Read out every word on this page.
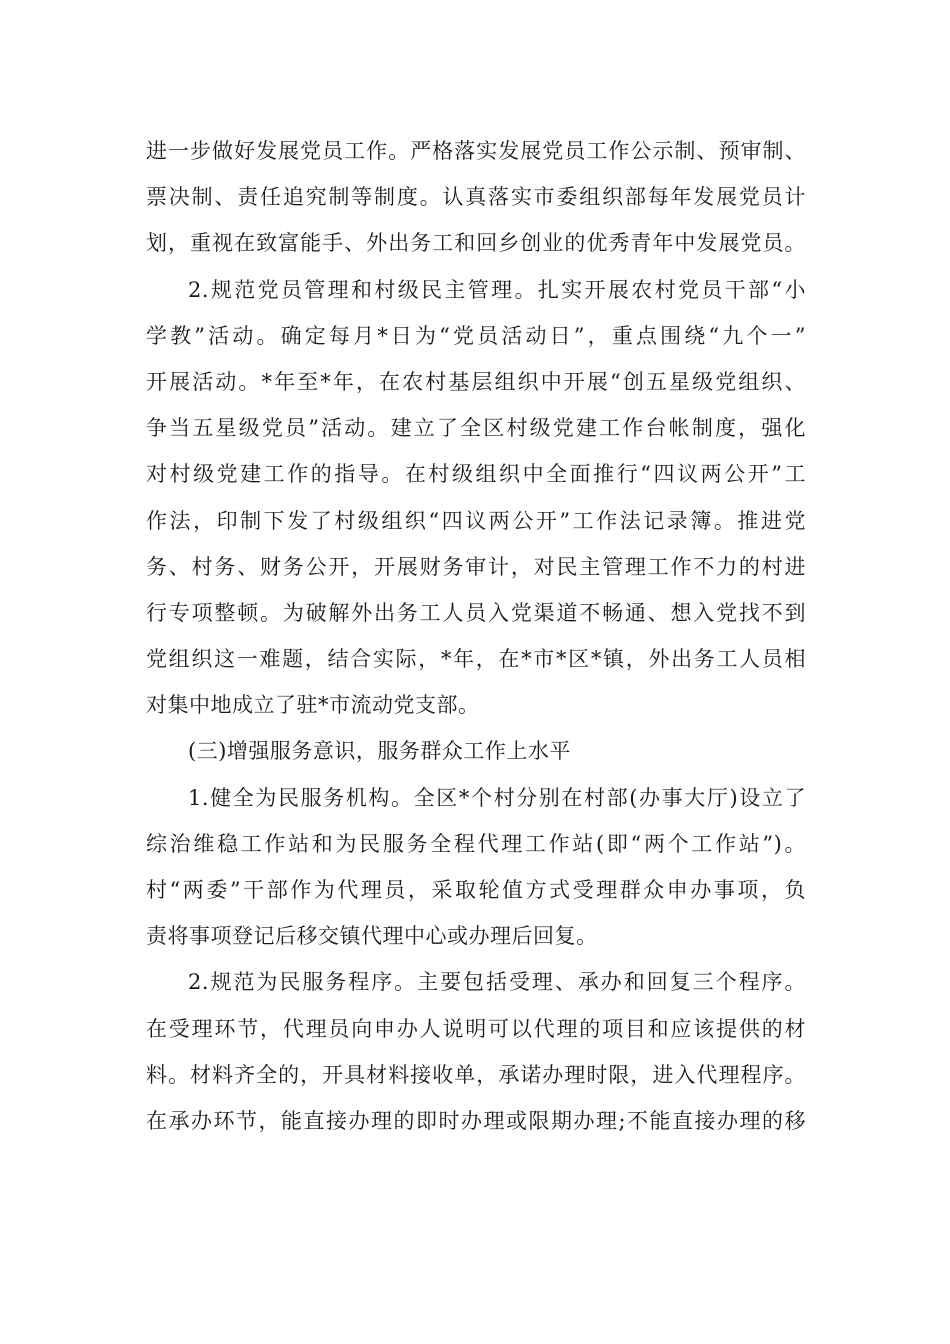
进一步做好发展党员工作。严格落实发展党员工作公示制、预审制、
票决制、责任追究制等制度。认真落实市委组织部每年发展党员计
划，重视在致富能手、外出务工和回乡创业的优秀青年中发展党员。
2.规范党员管理和村级民主管理。扎实开展农村党员干部“小
学教”活动。确定每月*日为“党员活动日”，重点围绕“九个一”
开展活动。*年至*年，在农村基层组织中开展“创五星级党组织、
争当五星级党员”活动。建立了全区村级党建工作台帐制度，强化
对村级党建工作的指导。在村级组织中全面推行“四议两公开”工
作法，印制下发了村级组织“四议两公开”工作法记录簿。推进党
务、村务、财务公开，开展财务审计，对民主管理工作不力的村进
行专项整顿。为破解外出务工人员入党渠道不畅通、想入党找不到
党组织这一难题，结合实际，*年，在*市*区*镇，外出务工人员相
对集中地成立了驻*市流动党支部。
(三)增强服务意识，服务群众工作上水平
1.健全为民服务机构。全区*个村分别在村部(办事大厅)设立了
综治维稳工作站和为民服务全程代理工作站(即“两个工作站”)。
村“两委”干部作为代理员，采取轮值方式受理群众申办事项，负
责将事项登记后移交镇代理中心或办理后回复。
2.规范为民服务程序。主要包括受理、承办和回复三个程序。
在受理环节，代理员向申办人说明可以代理的项目和应该提供的材
料。材料齐全的，开具材料接收单，承诺办理时限，进入代理程序。
在承办环节，能直接办理的即时办理或限期办理;不能直接办理的移
